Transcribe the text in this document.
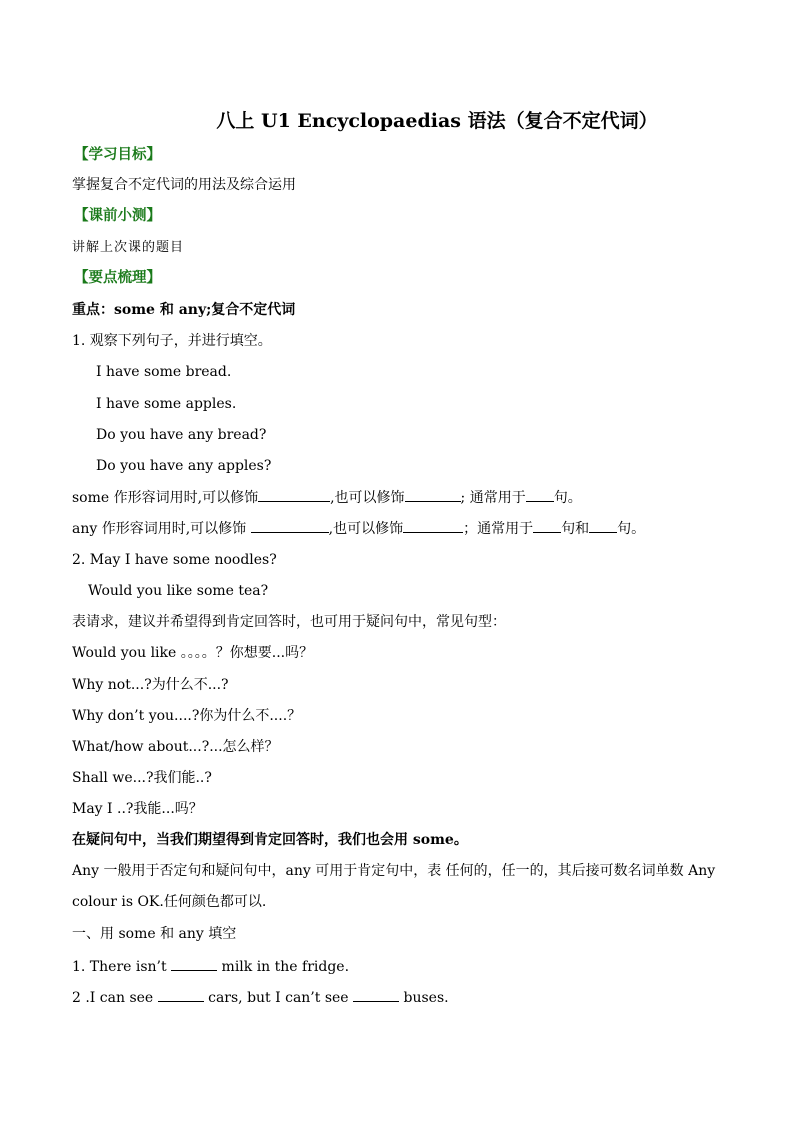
八上 U1 Encyclopaedias 语法（复合不定代词）
【学习目标】
掌握复合不定代词的用法及综合运用
【课前小测】
讲解上次课的题目
【要点梳理】
重点：some 和 any;复合不定代词
1. 观察下列句子，并进行填空。
I have some bread.
I have some apples.
Do you have any bread?
Do you have any apples?
some 作形容词用时,可以修饰	,也可以修饰	; 通常用于 句。
any 作形容词用时,可以修饰	,也可以修饰	；通常用于 句和 句。
2. May I have some noodles?
Would you like some tea?
表请求，建议并希望得到肯定回答时，也可用于疑问句中，常见句型：
Would you like 。。。。？你想要...吗？
Why not...?为什么不...?
Why don’t you....?你为什么不....？
What/how about...?...怎么样？
Shall we...?我们能..?
May I ..?我能...吗？
在疑问句中，当我们期望得到肯定回答时，我们也会用 some。
Any 一般用于否定句和疑问句中，any 可用于肯定句中，表 任何的，任一的，其后接可数名词单数 Any colour is OK.任何颜色都可以.
一、用 some 和 any 填空
1. There isn’t	milk in the fridge.
2 .I can see	cars, but I can’t see	buses.
